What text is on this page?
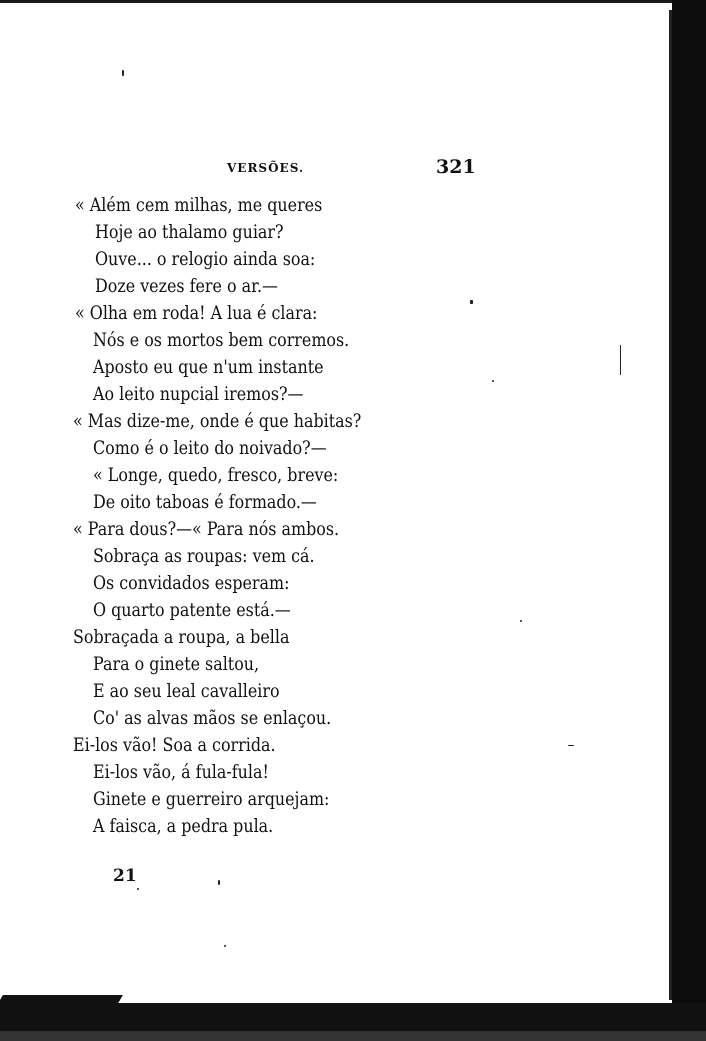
VERSÕES.	321
« Além cem milhas, me queres
Hoje ao thalamo guiar?
Ouve... o relogio ainda soa:
Doze vezes fere o ar.—
« Olha em roda! A lua é clara:
Nós e os mortos bem corremos.
Aposto eu que n'um instante
Ao leito nupcial iremos?—
« Mas dize-me, onde é que habitas?
Como é o leito do noivado?—
« Longe, quedo, fresco, breve:
De oito taboas é formado.—
« Para dous?—« Para nós ambos.
Sobraça as roupas: vem cá.
Os convidados esperam:
O quarto patente está.—
Sobraçada a roupa, a bella
Para o ginete saltou,
E ao seu leal cavalleiro
Co' as alvas mãos se enlaçou.
Ei-los vão! Soa a corrida.
Ei-los vão, á fula-fula!
Ginete e guerreiro arquejam:
A faisca, a pedra pula.
21
